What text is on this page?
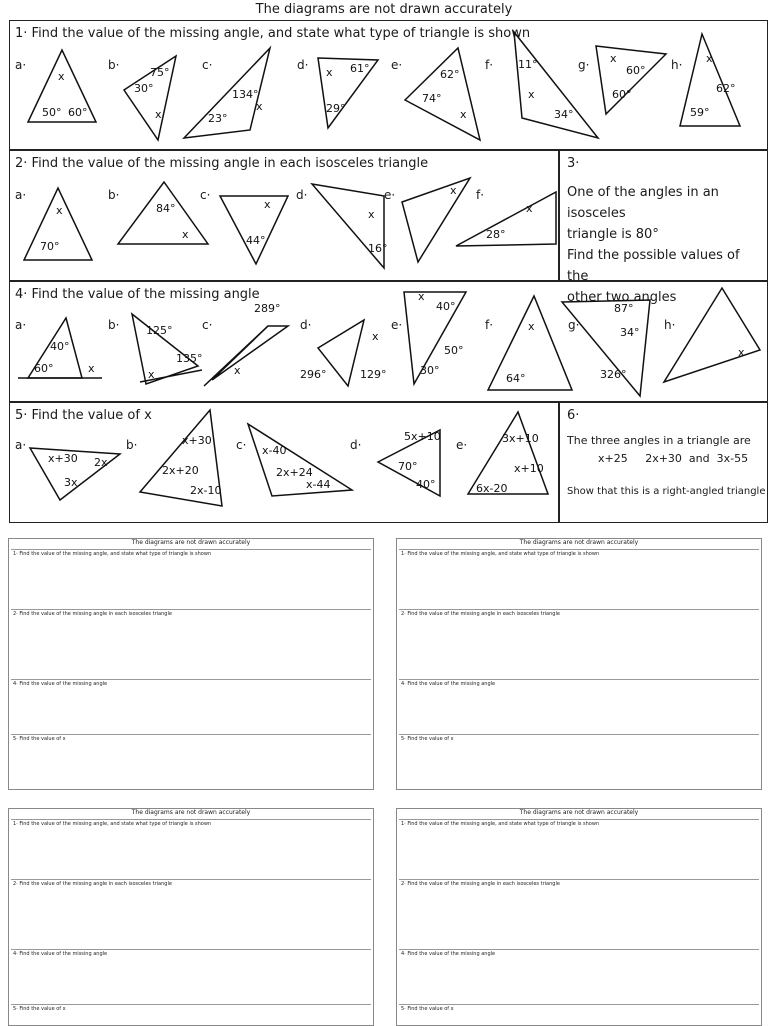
The diagrams are not drawn accurately
1· Find the value of the missing angle, and state what type of triangle is shown
2· Find the value of the missing angle in each isosceles triangle	3·
One of the angles in an isosceles
triangle is 80°
Find the possible values of the
other two angles
4· Find the value of the missing angle
5· Find the value of x	6·
The three angles in a triangle are
x+25     2x+30  and  3x-55
Show that this is a right-angled triangle
a·	b·	c·	d·	e·	f·	g·	h·
a·	b·	c·	d·	e·	f·
a·	b·	c·	d·	e·	f·	g·	h·
a·	b·	c·	d·	e·
x
50° 60°
75°
30°
x
134°
23°
x
61°
x
29°
62°
74°
x
11°
x
34°
x
60°
60°
x
62°
59°
x
70°
84°
x
x
44°
x
16°
x
x
28°
40°
60°	x
125°
135°
x
289°
x
x
296°	129°
x
40°
50°
30°
x
64°
87°
34°
326°
x
x+30 2x
3x
x+30
2x+20
2x-10
x-40
2x+24
x-44
5x+10
70°
40°
3x+10
x+10
6x-20
The diagrams are not drawn accurately
1· Find the value of the missing angle, and state what type of triangle is shown
2· Find the value of the missing angle in each isosceles triangle
4· Find the value of the missing angle
5· Find the value of x
The diagrams are not drawn accurately
1· Find the value of the missing angle, and state what type of triangle is shown
2· Find the value of the missing angle in each isosceles triangle
4· Find the value of the missing angle
5· Find the value of x
The diagrams are not drawn accurately
1· Find the value of the missing angle, and state what type of triangle is shown
2· Find the value of the missing angle in each isosceles triangle
4· Find the value of the missing angle
5· Find the value of x
The diagrams are not drawn accurately
1· Find the value of the missing angle, and state what type of triangle is shown
2· Find the value of the missing angle in each isosceles triangle
4· Find the value of the missing angle
5· Find the value of x
